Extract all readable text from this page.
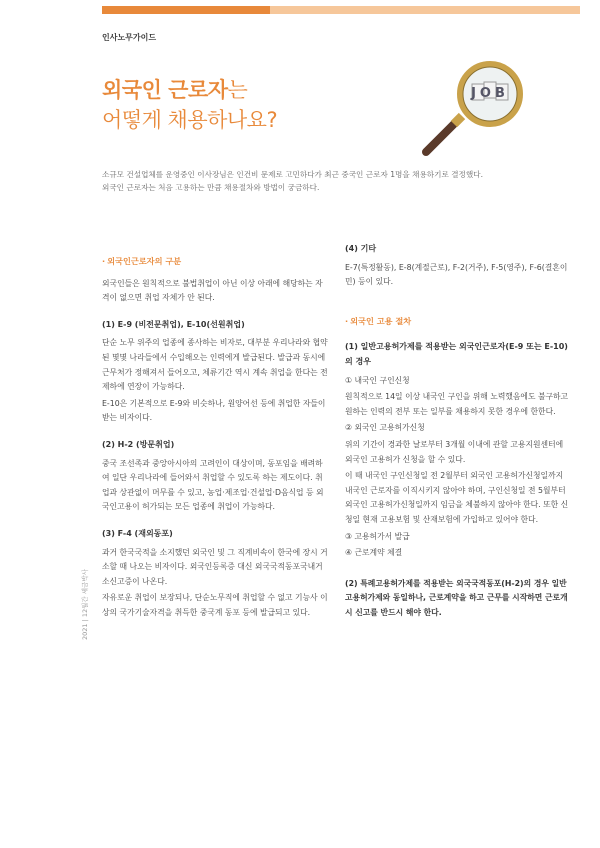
인사노무가이드
외국인 근로자는
어떻게 채용하나요?
JOB
소규모 건설업체를 운영중인 이사장님은 인건비 문제로 고민하다가 최근 중국인 근로자 1명을 채용하기로 결정했다.
외국인 근로자는 처음 고용하는 만큼 채용절차와 방법이 궁금하다.
· 외국인근로자의 구분
외국인들은 원칙적으로 불법취업이 아닌 이상 아래에 해당하는 자격이 없으면 취업 자체가 안 된다.
(1) E-9 (비전문취업), E-10(선원취업)
단순 노무 위주의 업종에 종사하는 비자로, 대부분 우리나라와 협약된 몇몇 나라들에서 수입해오는 인력에게 발급된다. 발급과 동시에 근무처가 정해져서 들어오고, 체류기간 역시 계속 취업을 한다는 전제하에 연장이 가능하다.
E-10은 기본적으로 E-9와 비슷하나, 원양어선 등에 취업한 자들이 받는 비자이다.
(2) H-2 (방문취업)
중국 조선족과 중앙아시아의 고려인이 대상이며, 동포임을 배려하여 일단 우리나라에 들어와서 취업할 수 있도록 하는 제도이다. 취업과 상관없이 머무를 수 있고, 농업·제조업·건설업·D음식업 등 외국인고용이 허가되는 모든 업종에 취업이 가능하다.
(3) F-4 (재외동포)
과거 한국국적을 소지했던 외국인 및 그 직계비속이 한국에 장시 거소할 때 나오는 비자이다. 외국인등록증 대신 외국국적동포국내거소신고증이 나온다.
자유로운 취업이 보장되나, 단순노무직에 취업할 수 없고 기능사 이상의 국가기술자격을 취득한 중국계 동포 등에 발급되고 있다.
(4) 기타
E-7(특정활동), E-8(계절근로), F-2(거주), F-5(영주), F-6(결혼이민) 등이 있다.
· 외국인 고용 절차
(1) 일반고용허가제를 적용받는 외국인근로자(E-9 또는 E-10)의 경우
① 내국인 구인신청
원칙적으로 14일 이상 내국인 구인을 위해 노력했음에도 불구하고 원하는 인력의 전부 또는 일부를 채용하지 못한 경우에 한한다.
② 외국인 고용허가신청
위의 기간이 경과한 날로부터 3개월 이내에 관할 고용지원센터에 외국인 고용허가 신청을 할 수 있다.
이 때 내국인 구인신청일 전 2월부터 외국인 고용허가신청일까지 내국인 근로자를 이직시키지 않아야 하며, 구인신청일 전 5월부터 외국인 고용허가신청일까지 임금을 체불하지 않아야 한다. 또한 신청일 현재 고용보험 및 산재보험에 가입하고 있어야 한다.
③ 고용허가서 발급
④ 근로계약 체결
(2) 특례고용허가제를 적용받는 외국국적동포(H-2)의 경우 일반고용허가제와 동일하나, 근로계약을 하고 근무를 시작하면 근로개시 신고를 반드시 해야 한다.
2021 | 12월간 세금박사
